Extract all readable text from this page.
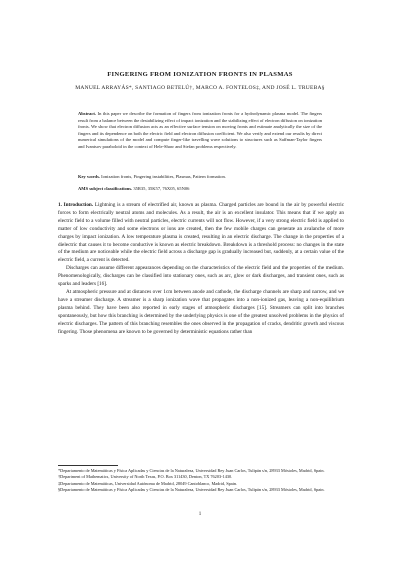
FINGERING FROM IONIZATION FRONTS IN PLASMAS
MANUEL ARRAYÁS*, SANTIAGO BETELÚ†, MARCO A. FONTELOS‡, AND JOSÉ L. TRUEBA§
Abstract. In this paper we describe the formation of fingers from ionization fronts for a hydrodynamic plasma model. The fingers result from a balance between the destabilizing effect of impact ionization and the stabilizing effect of electron diffusion on ionization fronts. We show that electron diffusion acts as an effective surface tension on moving fronts and estimate analytically the size of the fingers and its dependence on both the electric field and electron diffusion coefficient. We also verify and extend our results by direct numerical simulations of the model and compute finger-like travelling wave solutions to structures such as Saffman-Taylor fingers and Ivantsov paraboloid in the context of Hele-Shaw and Stefan problems respectively.
Key words. Ionization fronts, Fingering instabilities, Plasmas, Pattern formation.
AMS subject classifications. 35R35, 35K57, 76X05, 65N06

1. Introduction. Lightning is a stream of electrified air, known as plasma. Charged particles are bound in the air by powerful electric forces to form electrically neutral atoms and molecules. As a result, the air is an excellent insulator. This means that if we apply an electric field to a volume filled with neutral particles, electric currents will not flow. However, if a very strong electric field is applied to matter of low conductivity and some electrons or ions are created, then the few mobile charges can generate an avalanche of more charges by impact ionization. A low temperature plasma is created, resulting in an electric discharge. The change in the properties of a dielectric that causes it to become conductive is known as electric breakdown. Breakdown is a threshold process: no changes in the state of the medium are noticeable while the electric field across a discharge gap is gradually increased but, suddenly, at a certain value of the electric field, a current is detected.

Discharges can assume different appearances depending on the characteristics of the electric field and the properties of the medium. Phenomenologically, discharges can be classified into stationary ones, such as arc, glow or dark discharges, and transient ones, such as sparks and leaders [16].

At atmospheric pressure and at distances over 1cm between anode and cathode, the discharge channels are sharp and narrow, and we have a streamer discharge. A streamer is a sharp ionization wave that propagates into a non-ionized gas, leaving a non-equilibrium plasma behind. They have been also reported in early stages of atmospheric discharges [15]. Streamers can split into branches spontaneously, but how this branching is determined by the underlying physics is one of the greatest unsolved problems in the physics of electric discharges. The pattern of this branching resembles the ones observed in the propagation of cracks, dendritic growth and viscous fingering. Those phenomena are known to be governed by deterministic equations rather than

*Departamento de Matemáticas y Física Aplicadas y Ciencias de la Naturaleza, Universidad Rey Juan Carlos, Tulipán s/n, 28933 Móstoles, Madrid, Spain.
†Department of Mathematics, University of North Texas, P.O. Box 311430, Denton, TX 76203-1430.
‡Departamento de Matemáticas, Universidad Autónoma de Madrid, 28049 Cantoblanco, Madrid, Spain.
§Departamento de Matemáticas y Física Aplicadas y Ciencias de la Naturaleza, Universidad Rey Juan Carlos, Tulipán s/n, 28933 Móstoles, Madrid, Spain.
1
